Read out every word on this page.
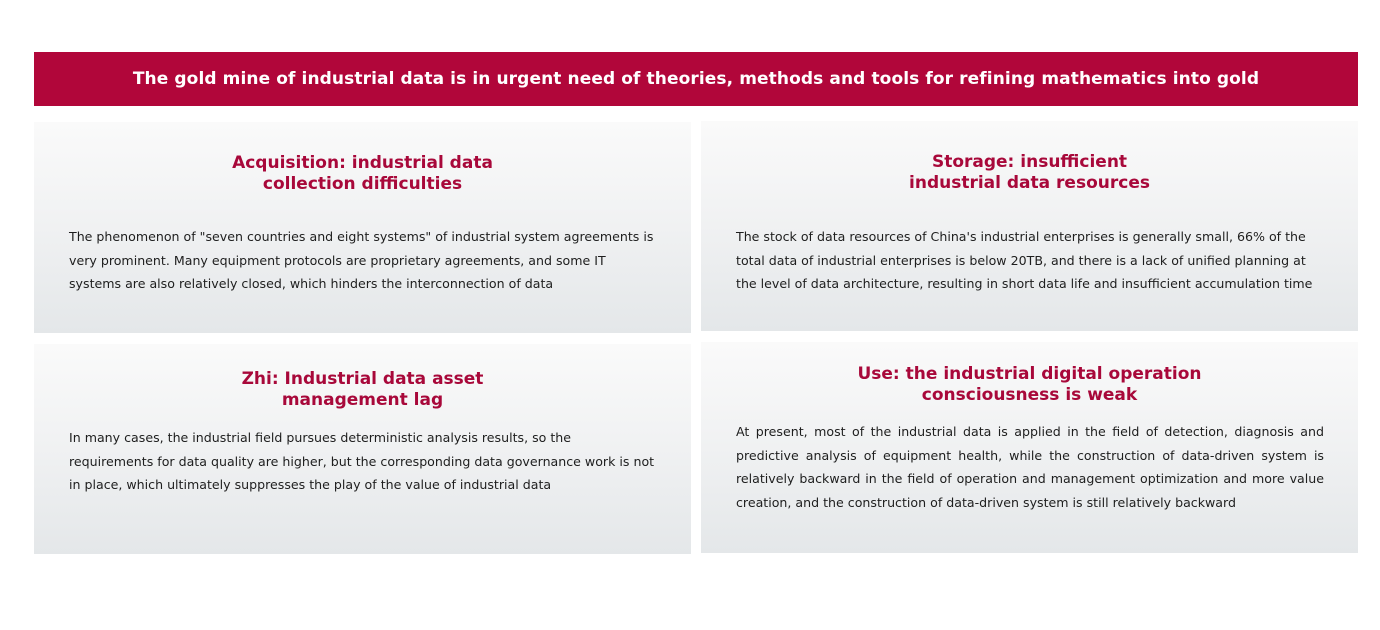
The gold mine of industrial data is in urgent need of theories, methods and tools for refining mathematics into gold
Acquisition: industrial data
collection difficulties
The phenomenon of "seven countries and eight systems" of industrial system agreements is very prominent. Many equipment protocols are proprietary agreements, and some IT systems are also relatively closed, which hinders the interconnection of data
Storage: insufficient
industrial data resources
The stock of data resources of China's industrial enterprises is generally small, 66% of the total data of industrial enterprises is below 20TB, and there is a lack of unified planning at the level of data architecture, resulting in short data life and insufficient accumulation time
Zhi: Industrial data asset
management lag
In many cases, the industrial field pursues deterministic analysis results, so the requirements for data quality are higher, but the corresponding data governance work is not in place, which ultimately suppresses the play of the value of industrial data
Use: the industrial digital operation
consciousness is weak
At present, most of the industrial data is applied in the field of detection, diagnosis and predictive analysis of equipment health, while the construction of data-driven system is relatively backward in the field of operation and management optimization and more value creation, and the construction of data-driven system is still relatively backward
